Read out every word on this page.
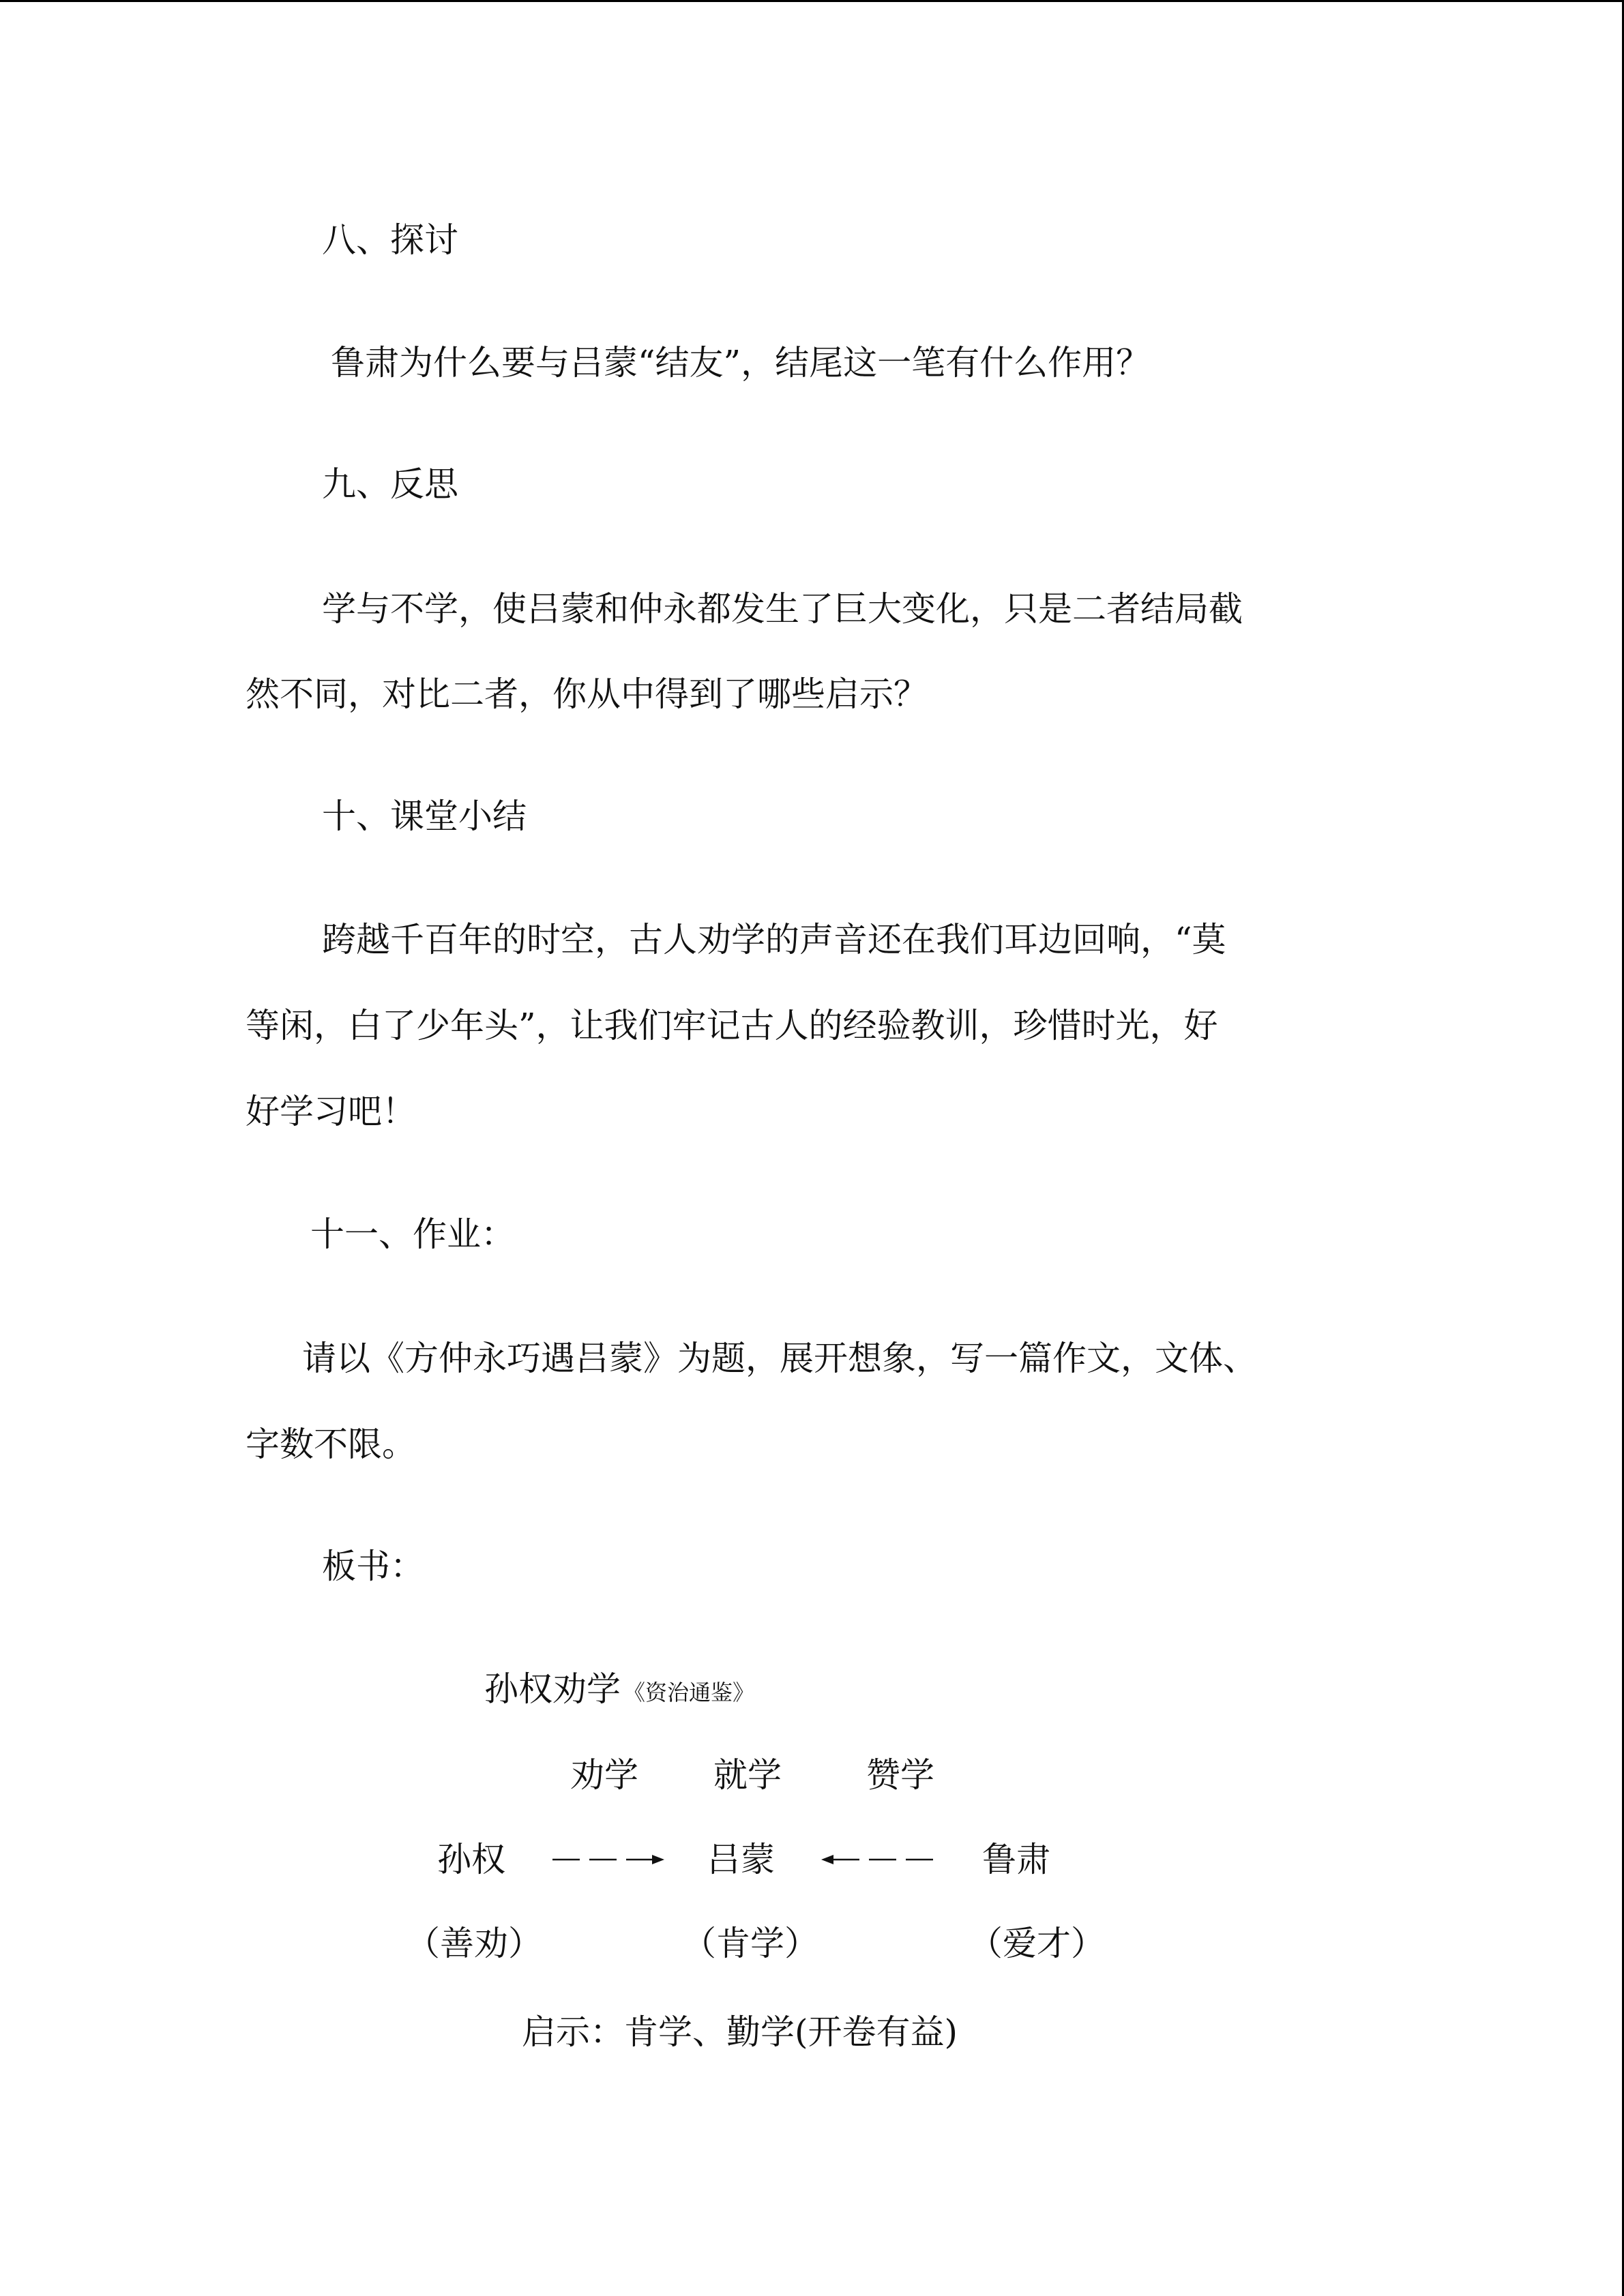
八、探讨
鲁肃为什么要与吕蒙“结友”，结尾这一笔有什么作用？
九、反思
学与不学，使吕蒙和仲永都发生了巨大变化，只是二者结局截
然不同，对比二者，你从中得到了哪些启示？
十、课堂小结
跨越千百年的时空，古人劝学的声音还在我们耳边回响，“莫
等闲，白了少年头”，让我们牢记古人的经验教训，珍惜时光，好
好学习吧！
十一、作业：
请以《方仲永巧遇吕蒙》为题，展开想象，写一篇作文，文体、
字数不限。
板书：
孙权劝学 《资治通鉴》
劝学 就学 赞学
孙权	吕蒙	鲁肃
（善劝）	（肯学）	（爱才）
启示：肯学、勤学(开卷有益)
